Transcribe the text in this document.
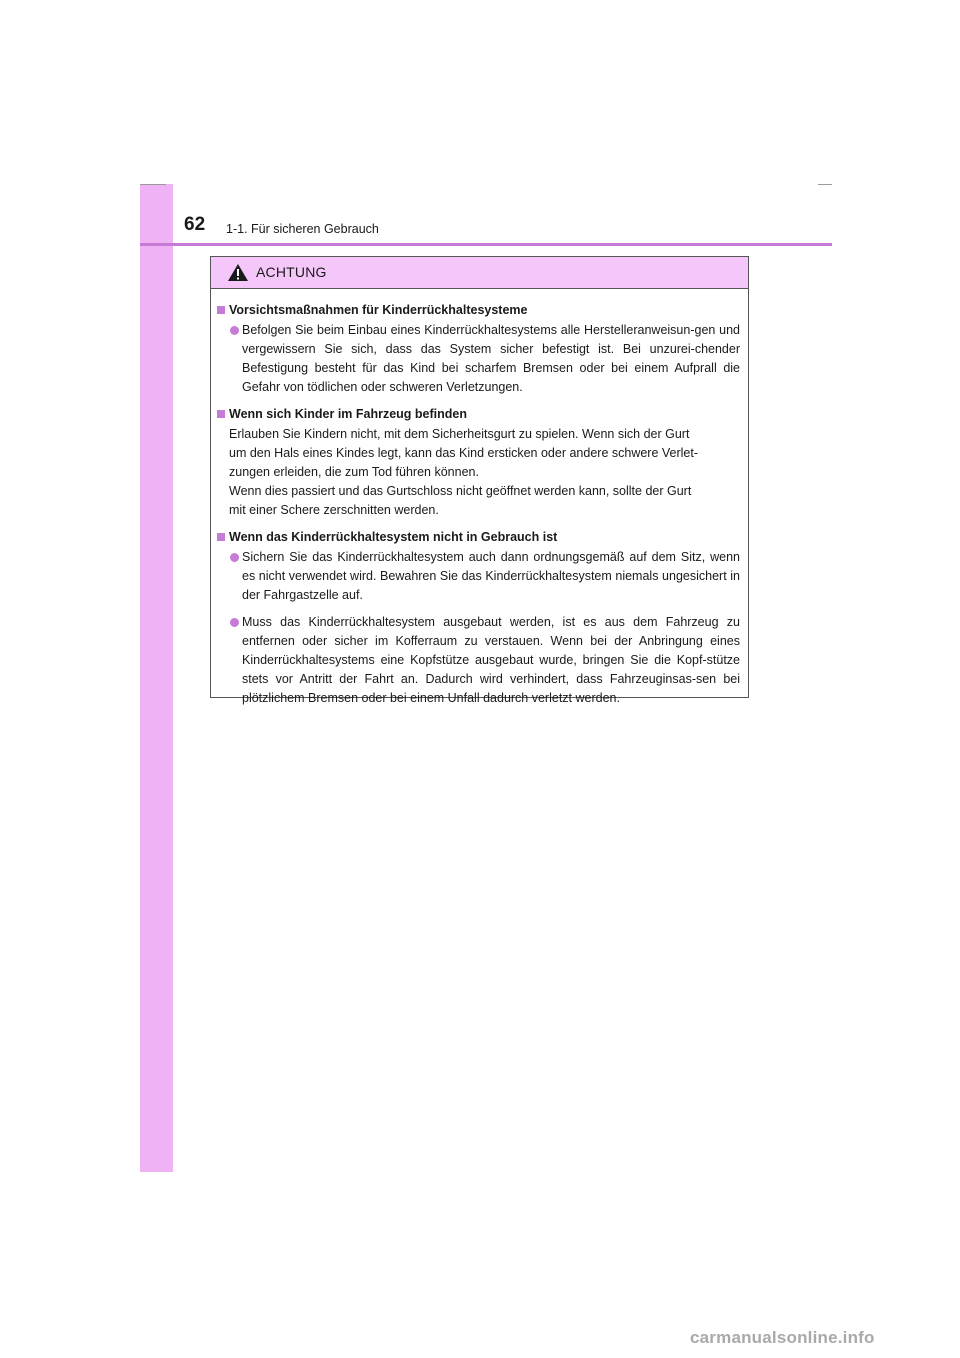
62 1-1. Für sicheren Gebrauch
ACHTUNG
Vorsichtsmaßnahmen für Kinderrückhaltesysteme
Befolgen Sie beim Einbau eines Kinderrückhaltesystems alle Herstelleranweisun-gen und vergewissern Sie sich, dass das System sicher befestigt ist. Bei unzurei-chender Befestigung besteht für das Kind bei scharfem Bremsen oder bei einem Aufprall die Gefahr von tödlichen oder schweren Verletzungen.
Wenn sich Kinder im Fahrzeug befinden
Erlauben Sie Kindern nicht, mit dem Sicherheitsgurt zu spielen. Wenn sich der Gurt
um den Hals eines Kindes legt, kann das Kind ersticken oder andere schwere Verlet-
zungen erleiden, die zum Tod führen können.
Wenn dies passiert und das Gurtschloss nicht geöffnet werden kann, sollte der Gurt
mit einer Schere zerschnitten werden.
Wenn das Kinderrückhaltesystem nicht in Gebrauch ist
Sichern Sie das Kinderrückhaltesystem auch dann ordnungsgemäß auf dem Sitz, wenn es nicht verwendet wird. Bewahren Sie das Kinderrückhaltesystem niemals ungesichert in der Fahrgastzelle auf.
Muss das Kinderrückhaltesystem ausgebaut werden, ist es aus dem Fahrzeug zu entfernen oder sicher im Kofferraum zu verstauen. Wenn bei der Anbringung eines Kinderrückhaltesystems eine Kopfstütze ausgebaut wurde, bringen Sie die Kopf-stütze stets vor Antritt der Fahrt an. Dadurch wird verhindert, dass Fahrzeuginsas-sen bei plötzlichem Bremsen oder bei einem Unfall dadurch verletzt werden.
carmanualsonline.info
